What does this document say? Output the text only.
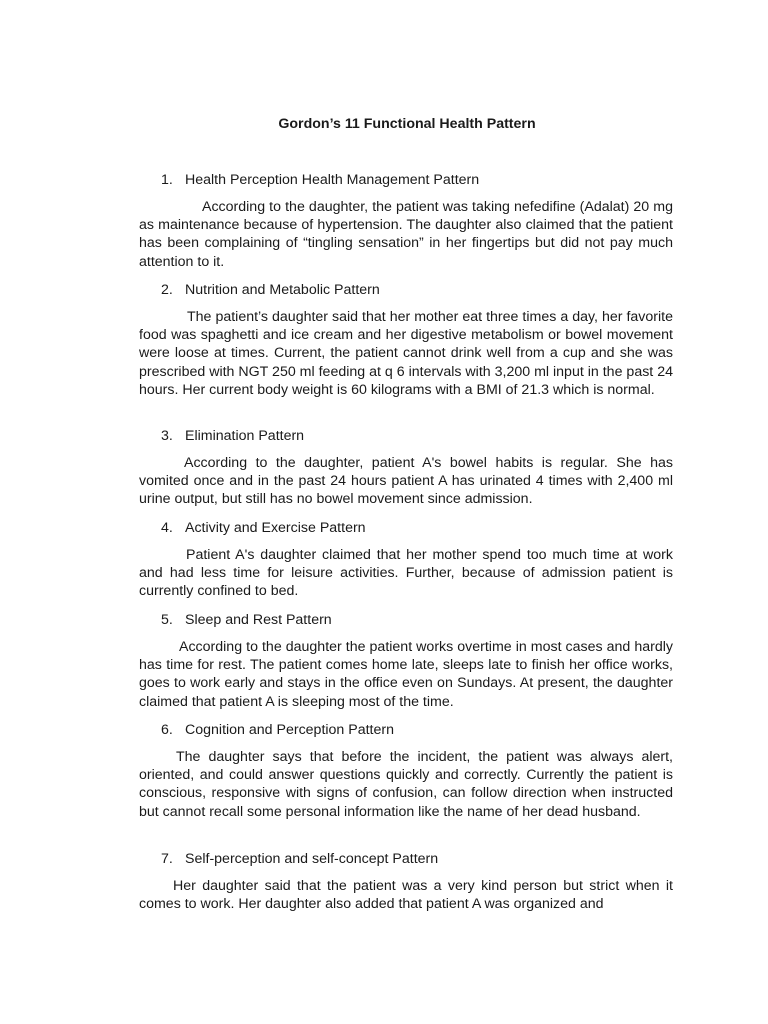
Gordon’s 11 Functional Health Pattern
1. Health Perception Health Management Pattern
According to the daughter, the patient was taking nefedifine (Adalat) 20 mg as maintenance because of hypertension. The daughter also claimed that the patient has been complaining of “tingling sensation” in her fingertips but did not pay much attention to it.
2. Nutrition and Metabolic Pattern
The patient’s daughter said that her mother eat three times a day, her favorite food was spaghetti and ice cream and her digestive metabolism or bowel movement were loose at times. Current, the patient cannot drink well from a cup and she was prescribed with NGT 250 ml feeding at q 6 intervals with 3,200 ml input in the past 24 hours. Her current body weight is 60 kilograms with a BMI of 21.3 which is normal.
3. Elimination Pattern
According to the daughter, patient A's bowel habits is regular. She has vomited once and in the past 24 hours patient A has urinated 4 times with 2,400 ml urine output, but still has no bowel movement since admission.
4. Activity and Exercise Pattern
Patient A's daughter claimed that her mother spend too much time at work and had less time for leisure activities. Further, because of admission patient is currently confined to bed.
5. Sleep and Rest Pattern
According to the daughter the patient works overtime in most cases and hardly has time for rest. The patient comes home late, sleeps late to finish her office works, goes to work early and stays in the office even on Sundays. At present, the daughter claimed that patient A is sleeping most of the time.
6. Cognition and Perception Pattern
The daughter says that before the incident, the patient was always alert, oriented, and could answer questions quickly and correctly. Currently the patient is conscious, responsive with signs of confusion, can follow direction when instructed but cannot recall some personal information like the name of her dead husband.
7. Self-perception and self-concept Pattern
Her daughter said that the patient was a very kind person but strict when it comes to work. Her daughter also added that patient A was organized and
